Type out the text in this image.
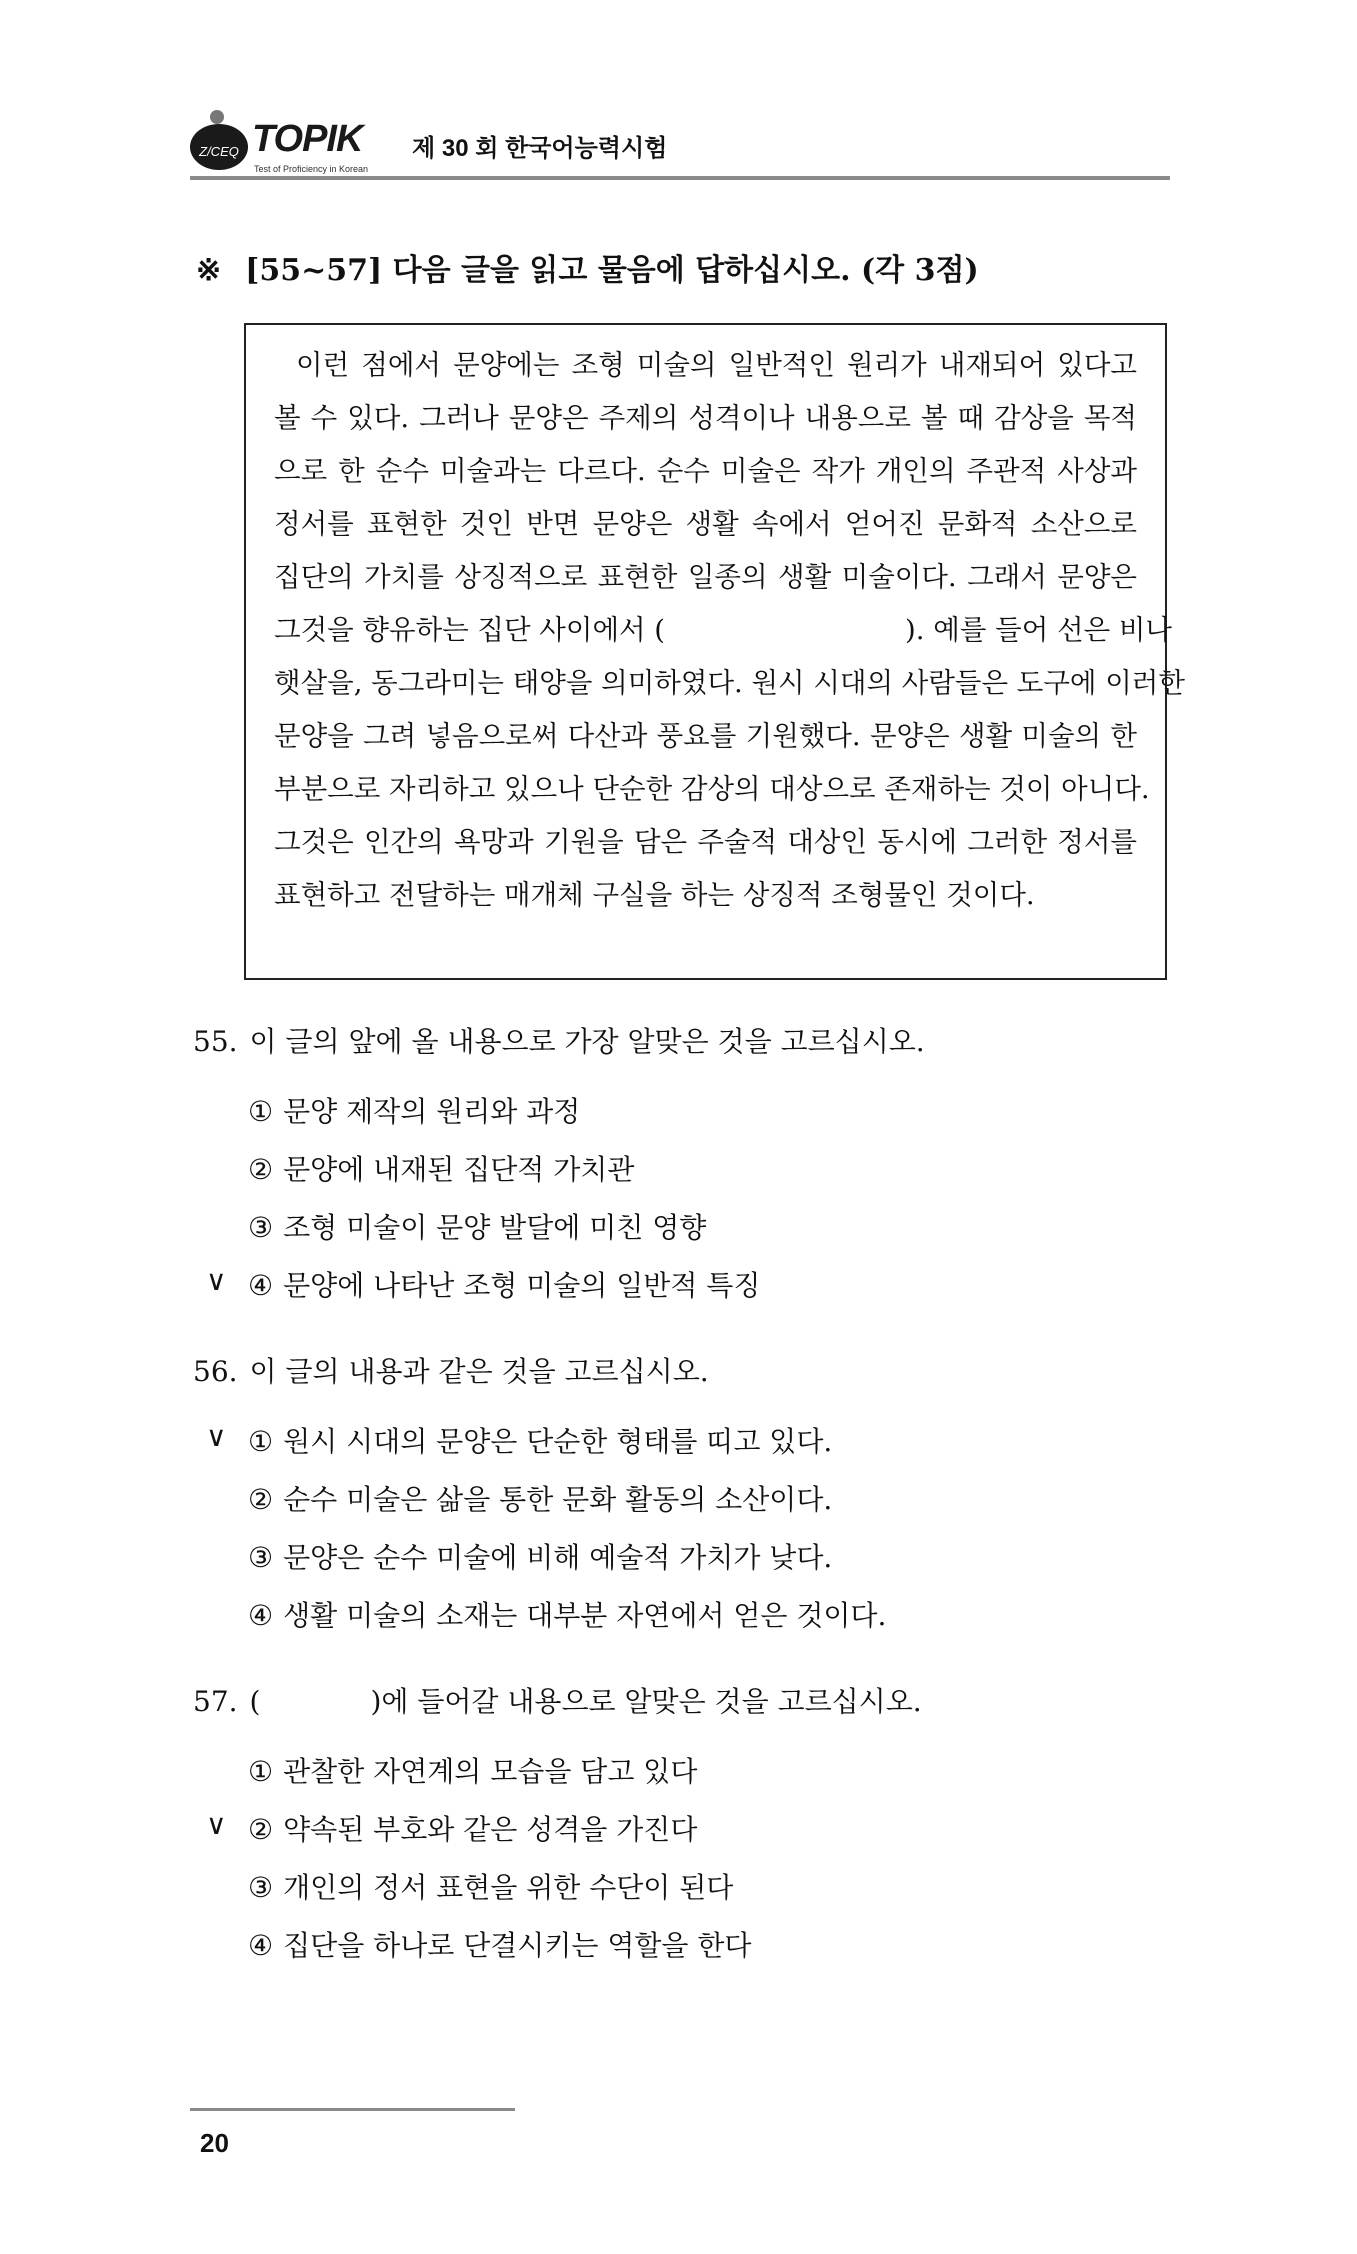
Z/CEQ TOPIK
Test of Proficiency in Korean
제 30 회 한국어능력시험
※ [55~57] 다음 글을 읽고 물음에 답하십시오. (각 3점)
이런 점에서 문양에는 조형 미술의 일반적인 원리가 내재되어 있다고
볼 수 있다. 그러나 문양은 주제의 성격이나 내용으로 볼 때 감상을 목적
으로 한 순수 미술과는 다르다. 순수 미술은 작가 개인의 주관적 사상과
정서를 표현한 것인 반면 문양은 생활 속에서 얻어진 문화적 소산으로
집단의 가치를 상징적으로 표현한 일종의 생활 미술이다. 그래서 문양은
그것을 향유하는 집단 사이에서 (	). 예를 들어 선은 비나
햇살을, 동그라미는 태양을 의미하였다. 원시 시대의 사람들은 도구에 이러한
문양을 그려 넣음으로써 다산과 풍요를 기원했다. 문양은 생활 미술의 한
부분으로 자리하고 있으나 단순한 감상의 대상으로 존재하는 것이 아니다.
그것은 인간의 욕망과 기원을 담은 주술적 대상인 동시에 그러한 정서를
표현하고 전달하는 매개체 구실을 하는 상징적 조형물인 것이다.
55. 이 글의 앞에 올 내용으로 가장 알맞은 것을 고르십시오.
① 문양 제작의 원리와 과정
② 문양에 내재된 집단적 가치관
③ 조형 미술이 문양 발달에 미친 영향
∨ ④ 문양에 나타난 조형 미술의 일반적 특징
56. 이 글의 내용과 같은 것을 고르십시오.
∨ ① 원시 시대의 문양은 단순한 형태를 띠고 있다.
② 순수 미술은 삶을 통한 문화 활동의 소산이다.
③ 문양은 순수 미술에 비해 예술적 가치가 낮다.
④ 생활 미술의 소재는 대부분 자연에서 얻은 것이다.
57. (	)에 들어갈 내용으로 알맞은 것을 고르십시오.
① 관찰한 자연계의 모습을 담고 있다
∨ ② 약속된 부호와 같은 성격을 가진다
③ 개인의 정서 표현을 위한 수단이 된다
④ 집단을 하나로 단결시키는 역할을 한다
20
